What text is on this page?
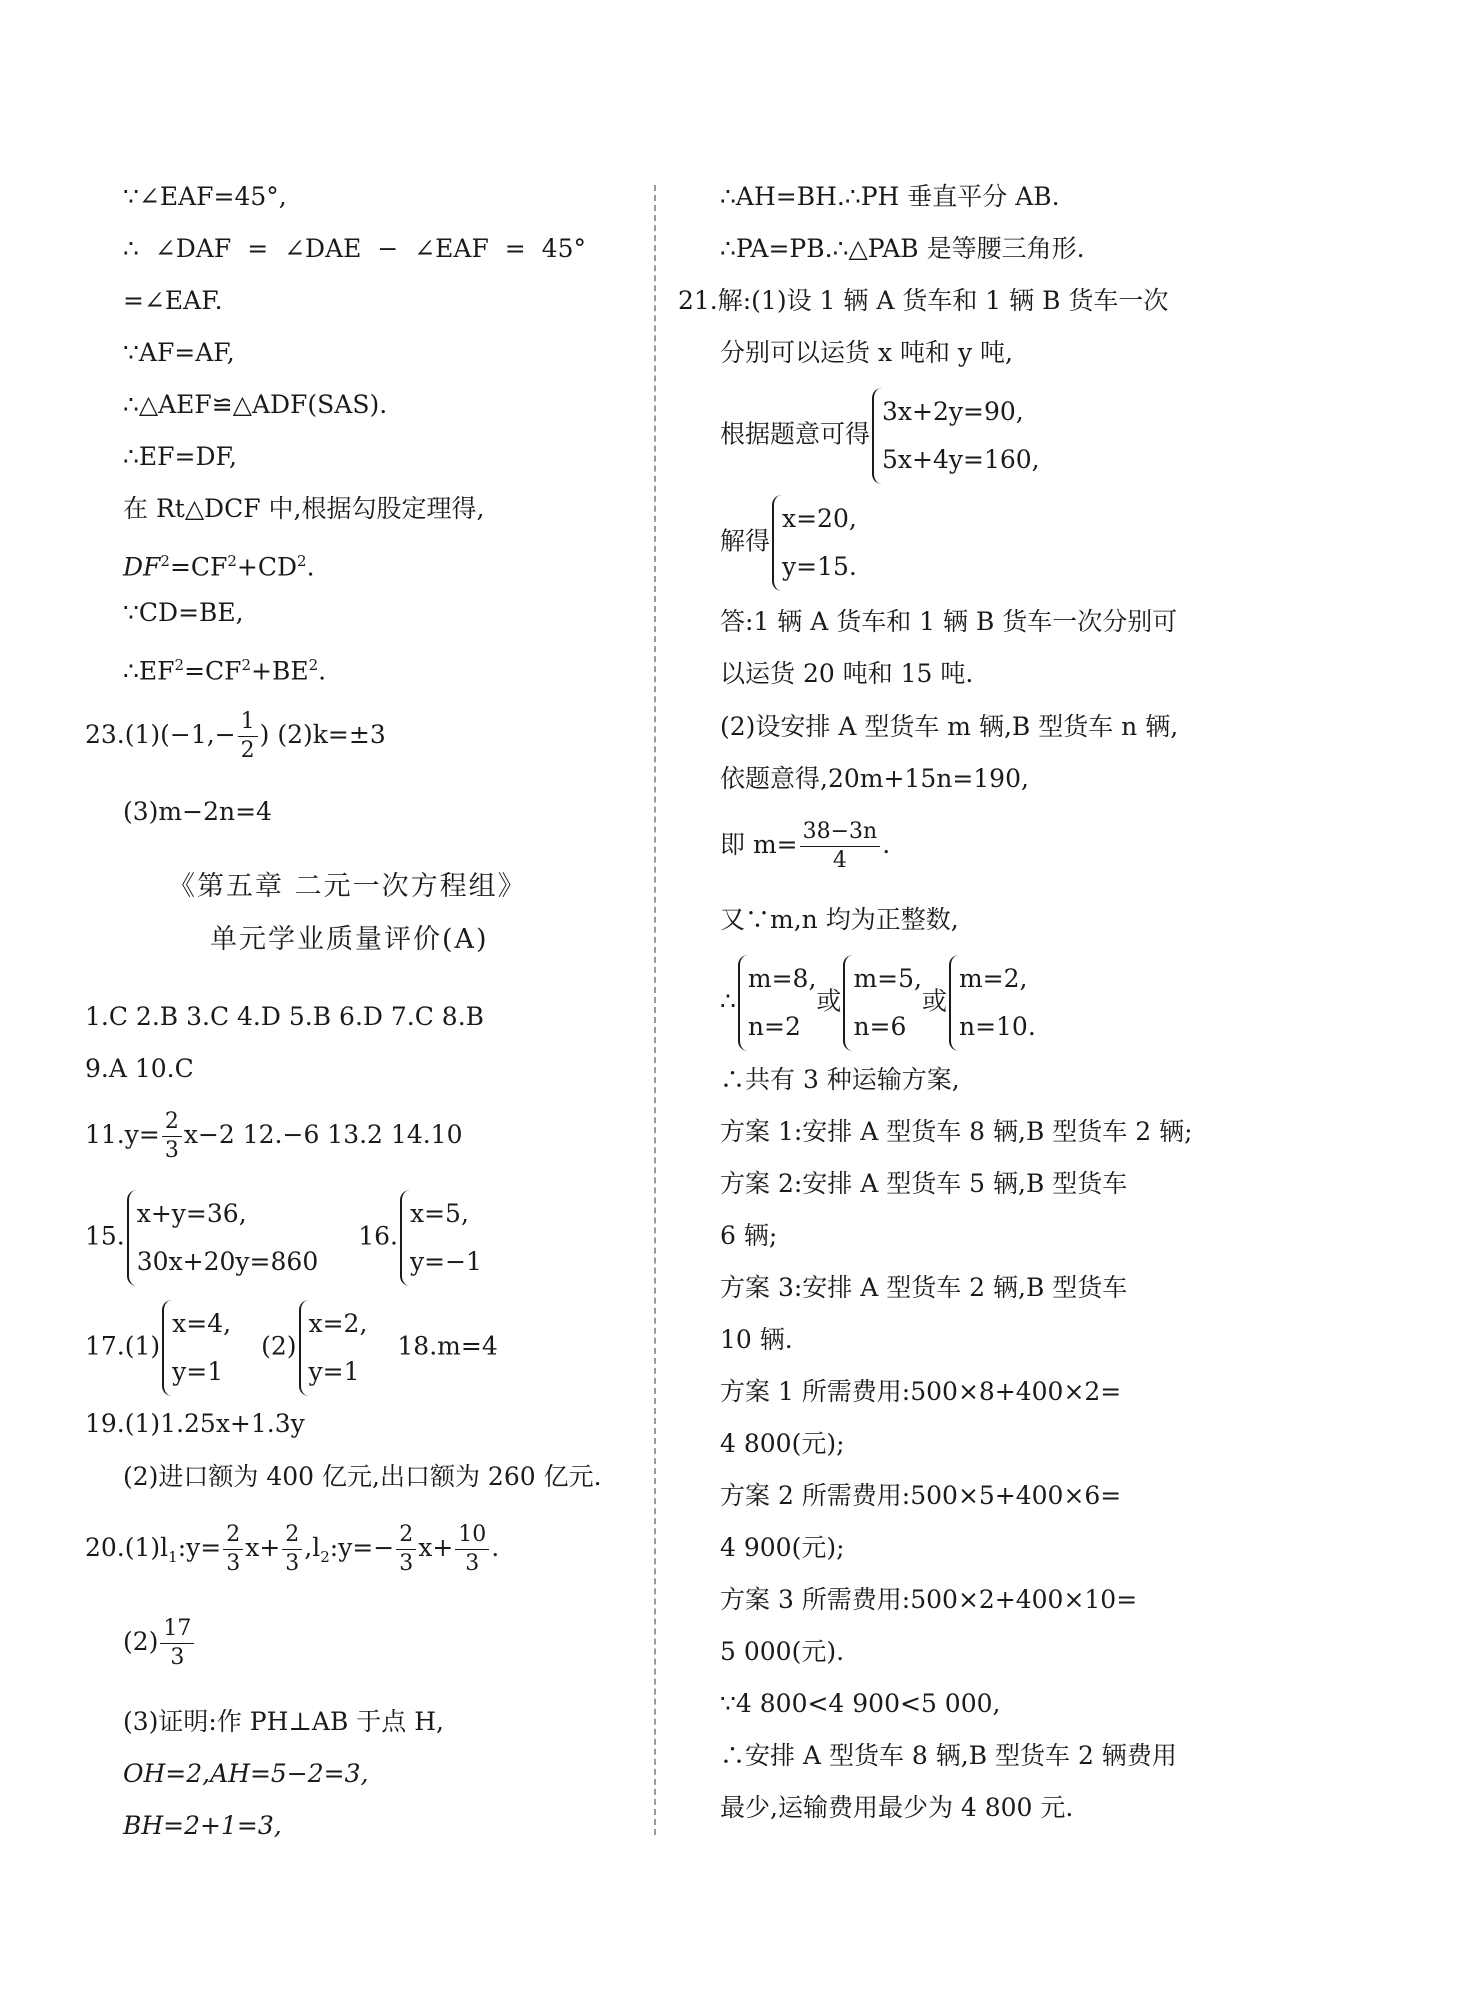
∵∠EAF=45°,
∴ ∠DAF = ∠DAE − ∠EAF = 45°
=∠EAF.
∵AF=AF,
∴△AEF≌△ADF(SAS).
∴EF=DF,
在 Rt△DCF 中,根据勾股定理得,
$DF^2=CF^2+CD^2$.
∵CD=BE,
$\therefore EF^2=CF^2+BE^2$.
$23.(1)(-1,- \frac{1}{2}$ ) (2)k=±3
(3)m−2n=4
《第五章 二元一次方程组》
单元学业质量评价(A)
1.C 2.B 3.C 4.D 5.B 6.D 7.C 8.B
9.A 10.C
$11.y= \frac{2}{3} x-2$ 12.−6 13.2 14.10
15.
x+y=36,
30x+20y=860
16.
x=5,
y=−1
17.(1)
x=4,
y=1
(2)
x=2,
y=1
18.m=4
19.(1)1.25x+1.3y
(2)进口额为 400 亿元,出口额为 260 亿元.
$20.(1)l_1:y= \frac{2}{3} x+ \frac{2}{3}$ $,l_2:y=- \frac{2}{3} x+ \frac{10}{3}$ .
$(2) \frac{17}{3}$
(3)证明:作 PH⊥AB 于点 H,
OH=2,AH=5−2=3,
BH=2+1=3,
∴AH=BH.∴PH 垂直平分 AB.
∴PA=PB.∴△PAB 是等腰三角形.
21.解:(1)设 1 辆 A 货车和 1 辆 B 货车一次
分别可以运货 x 吨和 y 吨,
根据题意可得
3x+2y=90,
5x+4y=160,
解得
x=20,
y=15.
答:1 辆 A 货车和 1 辆 B 货车一次分别可
以运货 20 吨和 15 吨.
(2)设安排 A 型货车 m 辆,B 型货车 n 辆,
依题意得,20m+15n=190,
即 $m= \frac{38-3n}{4}$ .
又∵m,n 均为正整数,
∴
m=8,
n=2
或
m=5,
n=6
或
m=2,
n=10.
∴共有 3 种运输方案,
方案 1:安排 A 型货车 8 辆,B 型货车 2 辆;
方案 2:安排 A 型货车 5 辆,B 型货车
6 辆;
方案 3:安排 A 型货车 2 辆,B 型货车
10 辆.
方案 1 所需费用:500×8+400×2=
4 800(元);
方案 2 所需费用:500×5+400×6=
4 900(元);
方案 3 所需费用:500×2+400×10=
5 000(元).
∵4 800<4 900<5 000,
∴安排 A 型货车 8 辆,B 型货车 2 辆费用
最少,运输费用最少为 4 800 元.
